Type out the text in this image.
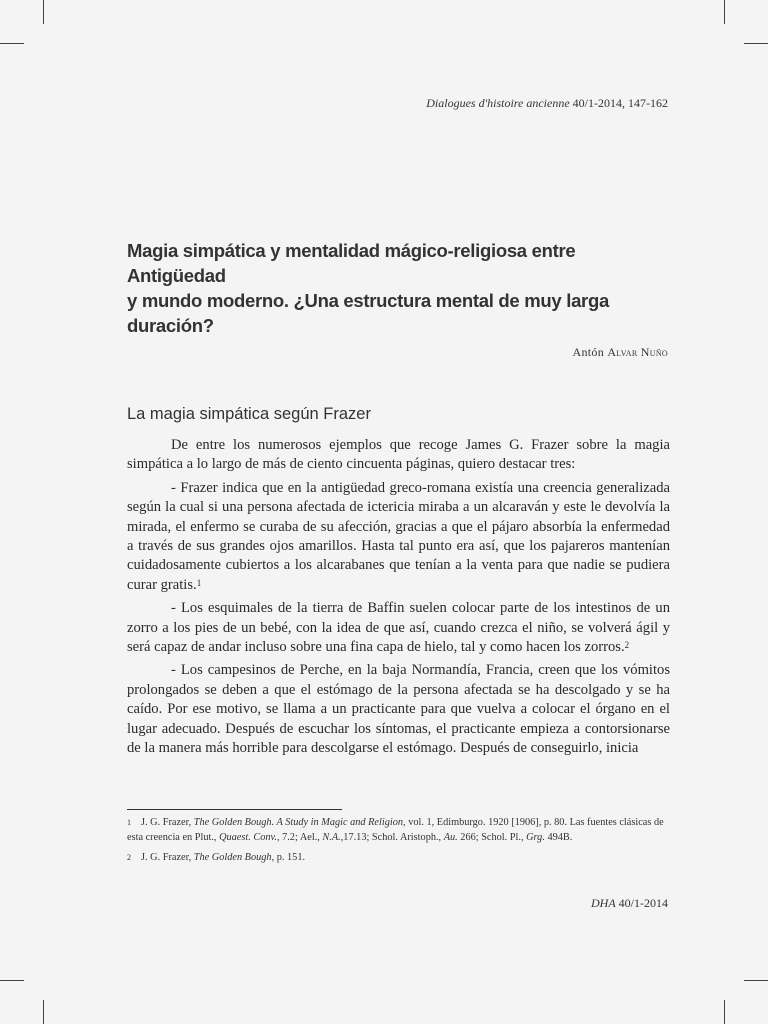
Dialogues d'histoire ancienne 40/1-2014, 147-162
Magia simpática y mentalidad mágico-religiosa entre Antigüedad
y mundo moderno. ¿Una estructura mental de muy larga duración?
Antón Alvar Nuño
La magia simpática según Frazer

De entre los numerosos ejemplos que recoge James G. Frazer sobre la magia simpática a lo largo de más de ciento cincuenta páginas, quiero destacar tres:

- Frazer indica que en la antigüedad greco-romana existía una creencia generalizada según la cual si una persona afectada de ictericia miraba a un alcaraván y este le devolvía la mirada, el enfermo se curaba de su afección, gracias a que el pájaro absorbía la enfermedad a través de sus grandes ojos amarillos. Hasta tal punto era así, que los pajareros mantenían cuidadosamente cubiertos a los alcarabanes que tenían a la venta para que nadie se pudiera curar gratis.$^1$

- Los esquimales de la tierra de Baffin suelen colocar parte de los intestinos de un zorro a los pies de un bebé, con la idea de que así, cuando crezca el niño, se volverá ágil y será capaz de andar incluso sobre una fina capa de hielo, tal y como hacen los zorros.$^2$

- Los campesinos de Perche, en la baja Normandía, Francia, creen que los vómitos prolongados se deben a que el estómago de la persona afectada se ha descolgado y se ha caído. Por ese motivo, se llama a un practicante para que vuelva a colocar el órgano en el lugar adecuado. Después de escuchar los síntomas, el practicante empieza a contorsionarse de la manera más horrible para descolgarse el estómago. Después de conseguirlo, inicia

$^1$ J. G. Frazer, The Golden Bough. A Study in Magic and Religion, vol. 1, Edimburgo. 1920 [1906], p. 80. Las fuentes clásicas de esta creencia en Plut., Quaest. Conv., 7.2; Ael., N.A.,17.13; Schol. Aristoph., Au. 266; Schol. Pl., Grg. 494B.
$^2$ J. G. Frazer, The Golden Bough, p. 151.
DHA 40/1-2014
